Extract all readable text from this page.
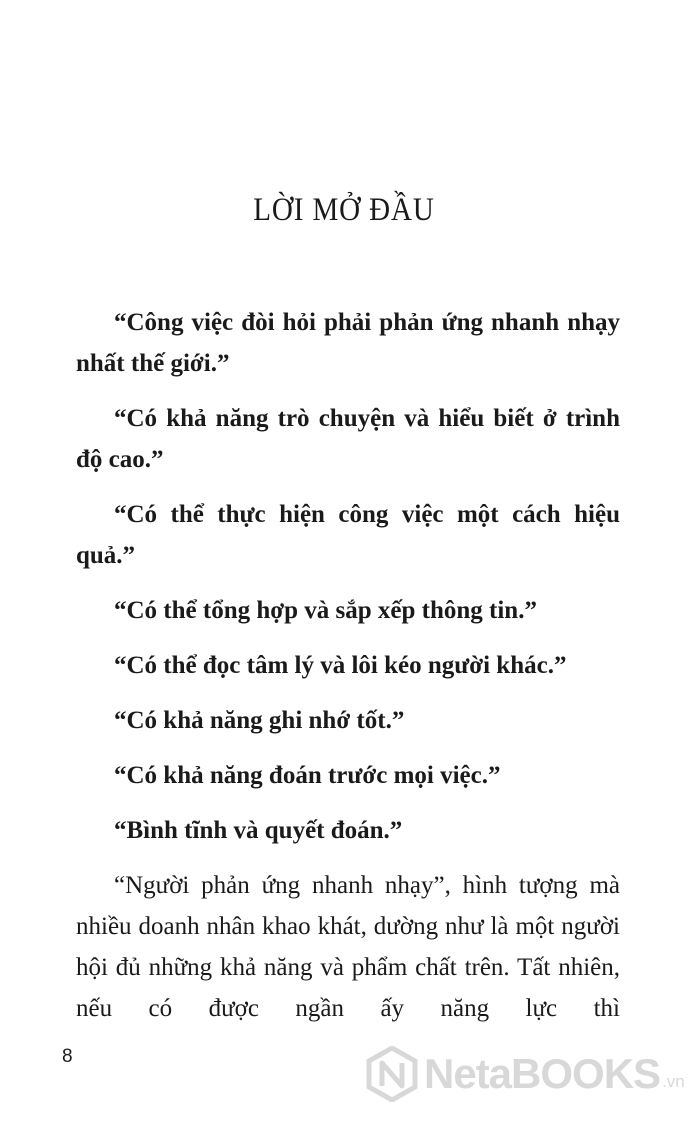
LỜI MỞ ĐẦU

“Công việc đòi hỏi phải phản ứng nhanh nhạy nhất thế giới.”

“Có khả năng trò chuyện và hiểu biết ở trình độ cao.”

“Có thể thực hiện công việc một cách hiệu quả.”

“Có thể tổng hợp và sắp xếp thông tin.”

“Có thể đọc tâm lý và lôi kéo người khác.”

“Có khả năng ghi nhớ tốt.”

“Có khả năng đoán trước mọi việc.”

“Bình tĩnh và quyết đoán.”

“Người phản ứng nhanh nhạy”, hình tượng mà nhiều doanh nhân khao khát, dường như là một người hội đủ những khả năng và phẩm chất trên. Tất nhiên, nếu có được ngần ấy năng lực thì

8	NetaBOOKS .vn
